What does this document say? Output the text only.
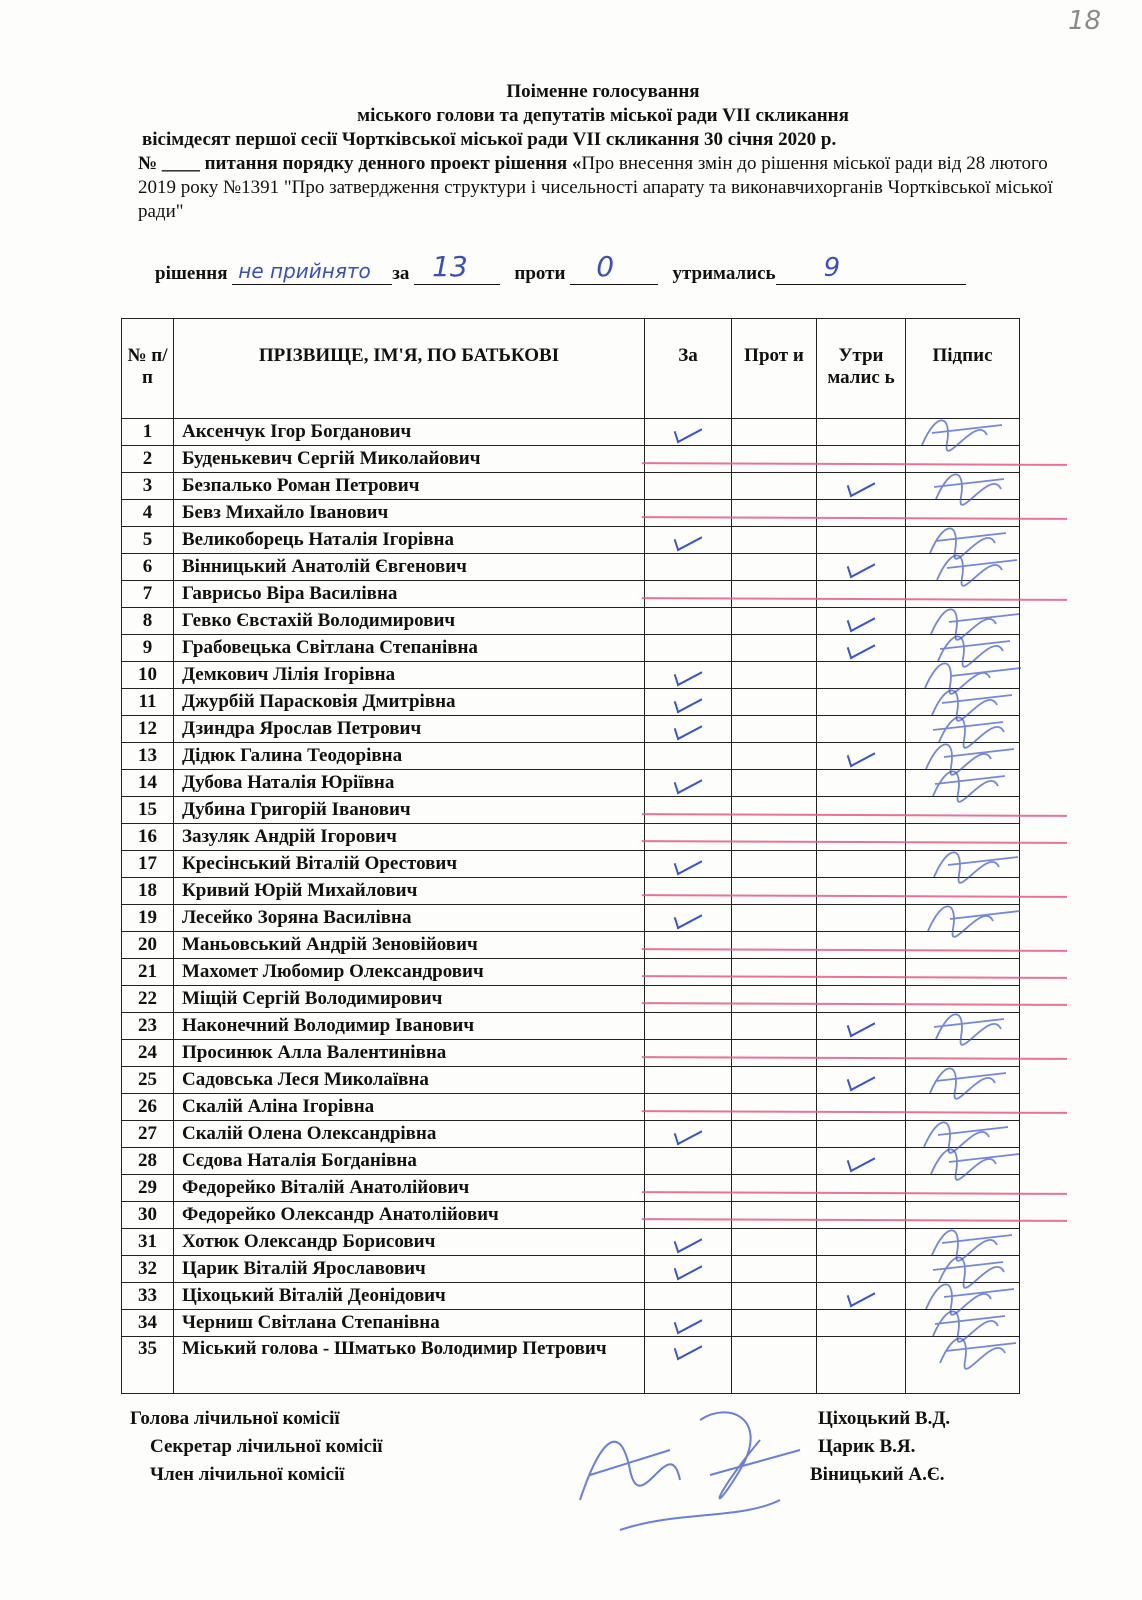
18
Поіменне голосування
міського голови та депутатів міської ради VII скликання
вісімдесят першої сесії Чортківської міської ради VII скликання 30 січня 2020 р.
№ ____ питання порядку денного проект рішення «Про внесення змін до рішення міської ради від 28 лютого 2019 року №1391 "Про затвердження структури і чисельності апарату та виконавчихорганів Чортківської міської ради"
рішення не прийнято за 13 проти 0	утримались 9
№ п/п	ПРІЗВИЩЕ, ІМ'Я, ПО БАТЬКОВІ	За	Прот и	Утри малис ь	Підпис
1	Аксенчук Ігор Богданович				
2	Буденькевич Сергій Миколайович				
3	Безпалько Роман Петрович				
4	Бевз Михайло Іванович				
5	Великоборець Наталія Ігорівна				
6	Вінницький Анатолій Євгенович				
7	Гаврисьо Віра Василівна				
8	Гевко Євстахій Володимирович				
9	Грабовецька Світлана Степанівна				
10	Демкович Лілія Ігорівна				
11	Джурбій Парасковія Дмитрівна				
12	Дзиндра Ярослав Петрович				
13	Дідюк Галина Теодорівна				
14	Дубова Наталія Юріївна				
15	Дубина Григорій Іванович				
16	Зазуляк Андрій Ігорович				
17	Кресінський Віталій Орестович				
18	Кривий Юрій Михайлович				
19	Лесейко Зоряна Василівна				
20	Маньовський Андрій Зеновійович				
21	Махомет Любомир Олександрович				
22	Міщій Сергій Володимирович				
23	Наконечний Володимир Іванович				
24	Просинюк Алла Валентинівна				
25	Садовська Леся Миколаївна				
26	Скалій Аліна Ігорівна				
27	Скалій Олена Олександрівна				
28	Сєдова Наталія Богданівна				
29	Федорейко Віталій Анатолійович				
30	Федорейко Олександр Анатолійович				
31	Хотюк Олександр Борисович				
32	Царик Віталій Ярославович				
33	Ціхоцький Віталій Деонідович				
34	Черниш Світлана Степанівна				
35	Міський голова - Шматько Володимир Петрович				
Голова лічильної комісії	Ціхоцький В.Д.
Секретар лічильної комісії	Царик В.Я.
Член лічильної комісії	Віницький А.Є.
